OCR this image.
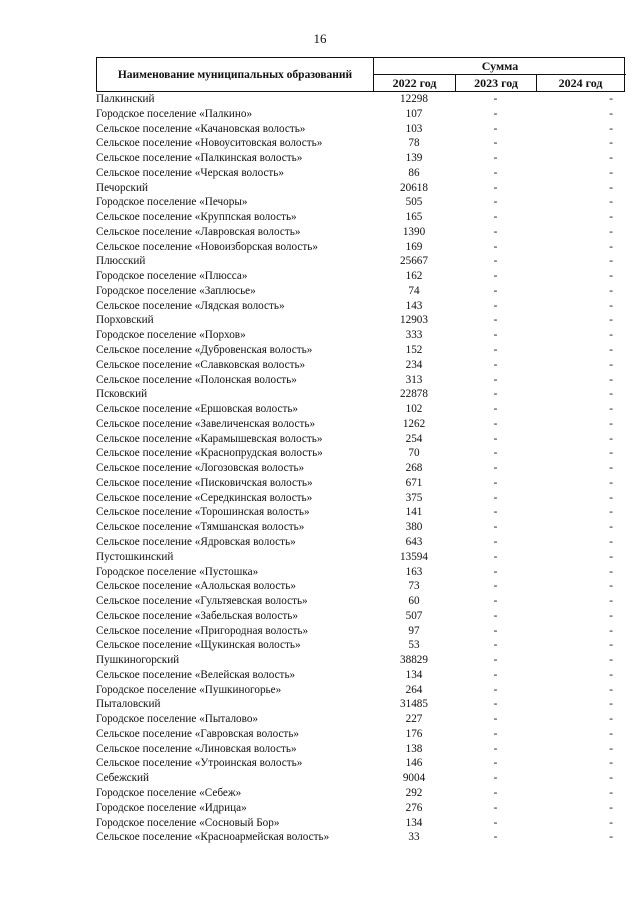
16
Наименование муниципальных образований
Сумма
2022 год	2023 год	2024 год
Палкинский	12298	-	-
Городское поселение «Палкино»	107	-	-
Сельское поселение «Качановская волость»	103	-	-
Сельское поселение «Новоуситовская волость»	78	-	-
Сельское поселение «Палкинская волость»	139	-	-
Сельское поселение «Черская волость»	86	-	-
Печорский	20618	-	-
Городское поселение «Печоры»	505	-	-
Сельское поселение «Круппская волость»	165	-	-
Сельское поселение «Лавровская волость»	1390	-	-
Сельское поселение «Новоизборская волость»	169	-	-
Плюсский	25667	-	-
Городское поселение «Плюсса»	162	-	-
Городское поселение «Заплюсье»	74	-	-
Сельское поселение «Лядская волость»	143	-	-
Порховский	12903	-	-
Городское поселение «Порхов»	333	-	-
Сельское поселение «Дубровенская волость»	152	-	-
Сельское поселение «Славковская волость»	234	-	-
Сельское поселение «Полонская волость»	313	-	-
Псковский	22878	-	-
Сельское поселение «Ершовская волость»	102	-	-
Сельское поселение «Завеличенская волость»	1262	-	-
Сельское поселение «Карамышевская волость»	254	-	-
Сельское поселение «Краснопрудская волость»	70	-	-
Сельское поселение «Логозовская волость»	268	-	-
Сельское поселение «Писковичская волость»	671	-	-
Сельское поселение «Середкинская волость»	375	-	-
Сельское поселение «Торошинская волость»	141	-	-
Сельское поселение «Тямшанская волость»	380	-	-
Сельское поселение «Ядровская волость»	643	-	-
Пустошкинский	13594	-	-
Городское поселение «Пустошка»	163	-	-
Сельское поселение «Алольская волость»	73	-	-
Сельское поселение «Гультяевская волость»	60	-	-
Сельское поселение «Забельская волость»	507	-	-
Сельское поселение «Пригородная волость»	97	-	-
Сельское поселение «Щукинская волость»	53	-	-
Пушкиногорский	38829	-	-
Сельское поселение «Велейская волость»	134	-	-
Городское поселение «Пушкиногорье»	264	-	-
Пыталовский	31485	-	-
Городское поселение «Пыталово»	227	-	-
Сельское поселение «Гавровская волость»	176	-	-
Сельское поселение «Линовская волость»	138	-	-
Сельское поселение «Утроинская волость»	146	-	-
Себежский	9004	-	-
Городское поселение «Себеж»	292	-	-
Городское поселение «Идрица»	276	-	-
Городское поселение «Сосновый Бор»	134	-	-
Сельское поселение «Красноармейская волость»	33	-	-
